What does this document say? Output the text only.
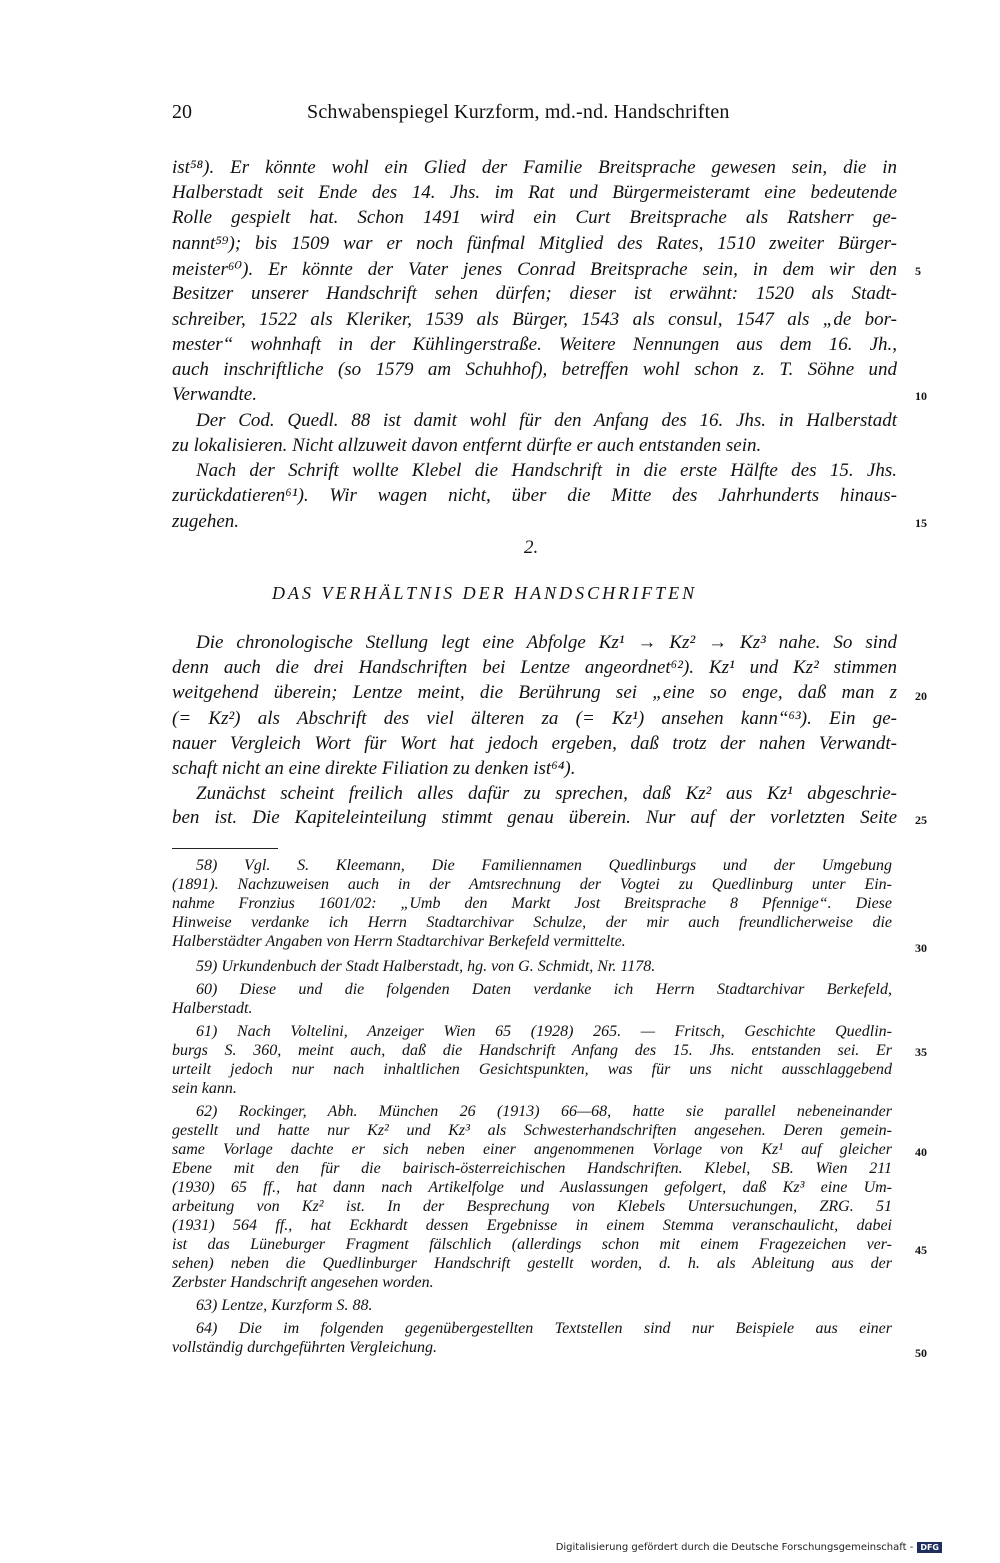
20	Schwabenspiegel Kurzform, md.-nd. Handschriften
ist⁵⁸). Er könnte wohl ein Glied der Familie Breitsprache gewesen sein, die in
Halberstadt seit Ende des 14. Jhs. im Rat und Bürgermeisteramt eine bedeutende
Rolle gespielt hat. Schon 1491 wird ein Curt Breitsprache als Ratsherr ge-
nannt⁵⁹); bis 1509 war er noch fünfmal Mitglied des Rates, 1510 zweiter Bürger-
meister⁶⁰). Er könnte der Vater jenes Conrad Breitsprache sein, in dem wir den
Besitzer unserer Handschrift sehen dürfen; dieser ist erwähnt: 1520 als Stadt-
schreiber, 1522 als Kleriker, 1539 als Bürger, 1543 als consul, 1547 als „de bor-
mester“ wohnhaft in der Kühlingerstraße. Weitere Nennungen aus dem 16. Jh.,
auch inschriftliche (so 1579 am Schuhhof), betreffen wohl schon z. T. Söhne und
Verwandte.
Der Cod. Quedl. 88 ist damit wohl für den Anfang des 16. Jhs. in Halberstadt
zu lokalisieren. Nicht allzuweit davon entfernt dürfte er auch entstanden sein.
Nach der Schrift wollte Klebel die Handschrift in die erste Hälfte des 15. Jhs.
zurückdatieren⁶¹). Wir wagen nicht, über die Mitte des Jahrhunderts hinaus-
zugehen.
2.
DAS VERHÄLTNIS DER HANDSCHRIFTEN
Die chronologische Stellung legt eine Abfolge Kz¹ → Kz² → Kz³ nahe. So sind
denn auch die drei Handschriften bei Lentze angeordnet⁶²). Kz¹ und Kz² stimmen
weitgehend überein; Lentze meint, die Berührung sei „eine so enge, daß man z
(= Kz²) als Abschrift des viel älteren za (= Kz¹) ansehen kann“⁶³). Ein ge-
nauer Vergleich Wort für Wort hat jedoch ergeben, daß trotz der nahen Verwandt-
schaft nicht an eine direkte Filiation zu denken ist⁶⁴).
Zunächst scheint freilich alles dafür zu sprechen, daß Kz² aus Kz¹ abgeschrie-
ben ist. Die Kapiteleinteilung stimmt genau überein. Nur auf der vorletzten Seite
58) Vgl. S. Kleemann, Die Familiennamen Quedlinburgs und der Umgebung
(1891). Nachzuweisen auch in der Amtsrechnung der Vogtei zu Quedlinburg unter Ein-
nahme Fronzius 1601/02: „Umb den Markt Jost Breitsprache 8 Pfennige“. Diese
Hinweise verdanke ich Herrn Stadtarchivar Schulze, der mir auch freundlicherweise die
Halberstädter Angaben von Herrn Stadtarchivar Berkefeld vermittelte.
59) Urkundenbuch der Stadt Halberstadt, hg. von G. Schmidt, Nr. 1178.
60) Diese und die folgenden Daten verdanke ich Herrn Stadtarchivar Berkefeld,
Halberstadt.
61) Nach Voltelini, Anzeiger Wien 65 (1928) 265. — Fritsch, Geschichte Quedlin-
burgs S. 360, meint auch, daß die Handschrift Anfang des 15. Jhs. entstanden sei. Er
urteilt jedoch nur nach inhaltlichen Gesichtspunkten, was für uns nicht ausschlaggebend
sein kann.
62) Rockinger, Abh. München 26 (1913) 66—68, hatte sie parallel nebeneinander
gestellt und hatte nur Kz² und Kz³ als Schwesterhandschriften angesehen. Deren gemein-
same Vorlage dachte er sich neben einer angenommenen Vorlage von Kz¹ auf gleicher
Ebene mit den für die bairisch-österreichischen Handschriften. Klebel, SB. Wien 211
(1930) 65 ff., hat dann nach Artikelfolge und Auslassungen gefolgert, daß Kz³ eine Um-
arbeitung von Kz² ist. In der Besprechung von Klebels Untersuchungen, ZRG. 51
(1931) 564 ff., hat Eckhardt dessen Ergebnisse in einem Stemma veranschaulicht, dabei
ist das Lüneburger Fragment fälschlich (allerdings schon mit einem Fragezeichen ver-
sehen) neben die Quedlinburger Handschrift gestellt worden, d. h. als Ableitung aus der
Zerbster Handschrift angesehen worden.
63) Lentze, Kurzform S. 88.
64) Die im folgenden gegenübergestellten Textstellen sind nur Beispiele aus einer
vollständig durchgeführten Vergleichung.
5
10
15
20
25
30
35
40
45
50
Digitalisierung gefördert durch die Deutsche Forschungsgemeinschaft - DFG
